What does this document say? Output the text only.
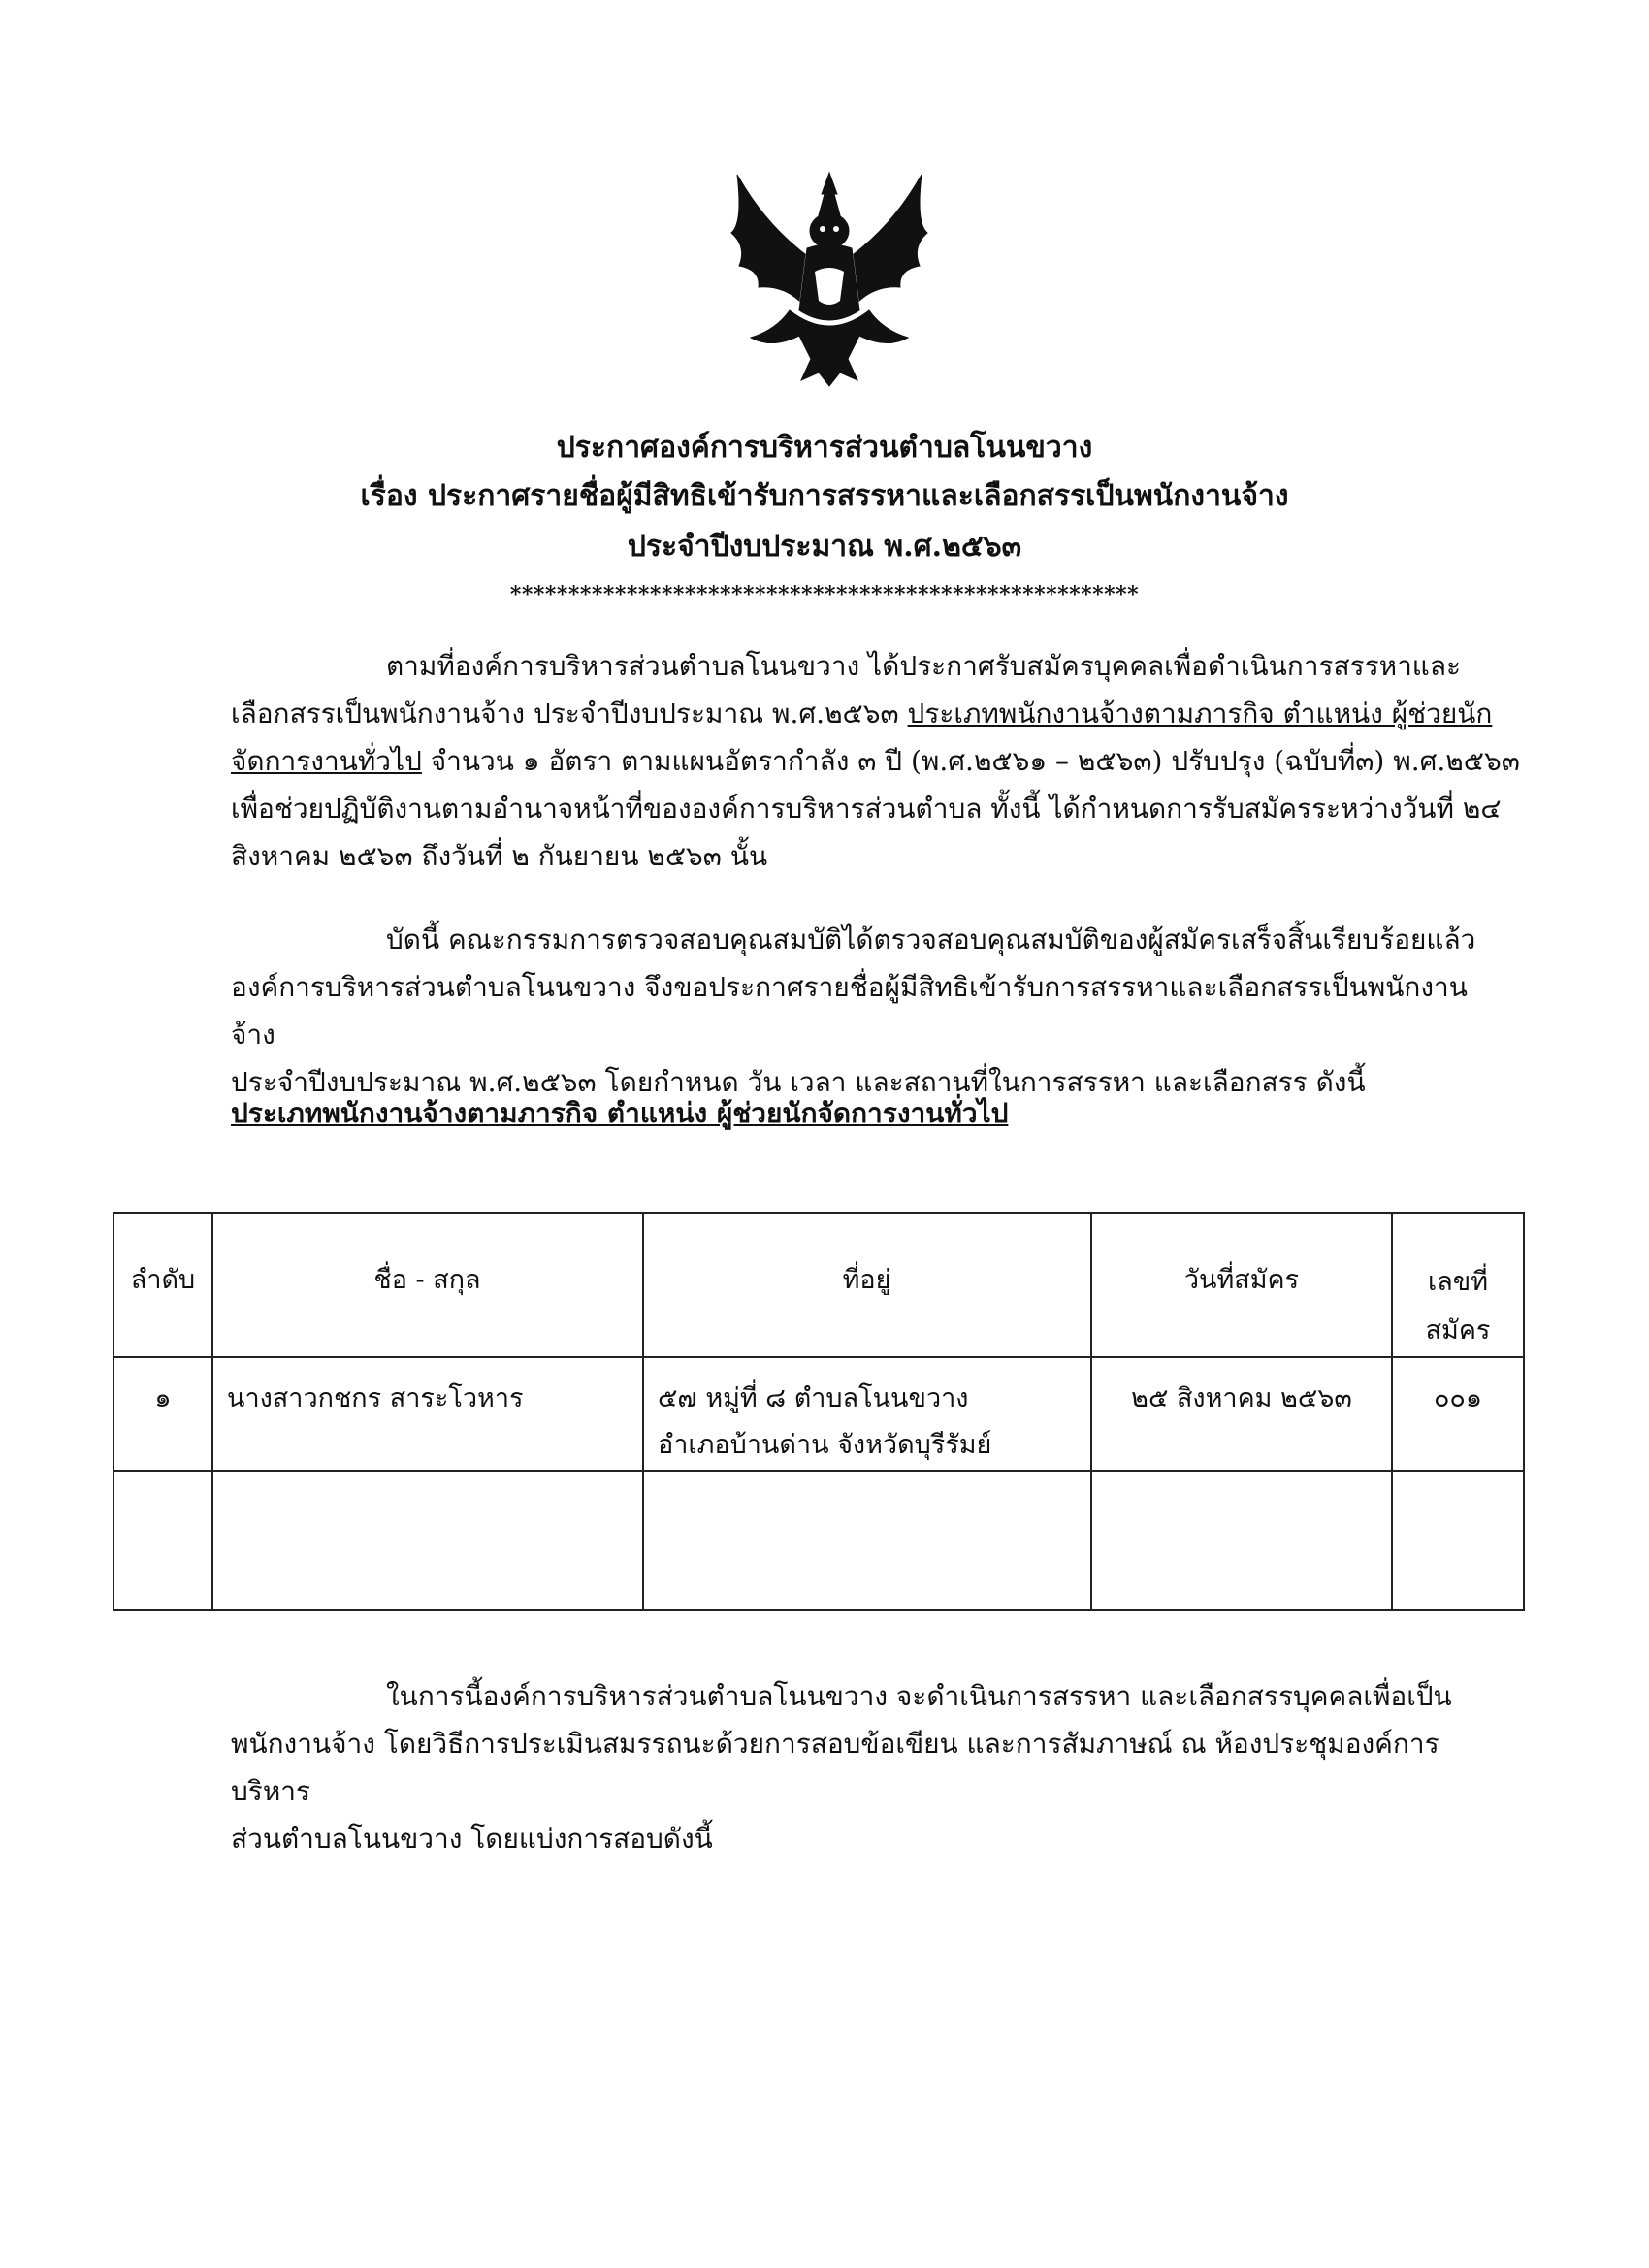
ประกาศองค์การบริหารส่วนตำบลโนนขวาง
เรื่อง ประกาศรายชื่อผู้มีสิทธิเข้ารับการสรรหาและเลือกสรรเป็นพนักงานจ้าง
ประจำปีงบประมาณ พ.ศ.๒๕๖๓
******************************************************
ตามที่องค์การบริหารส่วนตำบลโนนขวาง ได้ประกาศรับสมัครบุคคลเพื่อดำเนินการสรรหาและ
เลือกสรรเป็นพนักงานจ้าง ประจำปีงบประมาณ พ.ศ.๒๕๖๓ ประเภทพนักงานจ้างตามภารกิจ ตำแหน่ง ผู้ช่วยนัก
จัดการงานทั่วไป จำนวน ๑ อัตรา ตามแผนอัตรากำลัง ๓ ปี (พ.ศ.๒๕๖๑ – ๒๕๖๓) ปรับปรุง (ฉบับที่๓) พ.ศ.๒๕๖๓
เพื่อช่วยปฏิบัติงานตามอำนาจหน้าที่ขององค์การบริหารส่วนตำบล ทั้งนี้ ได้กำหนดการรับสมัครระหว่างวันที่ ๒๔
สิงหาคม ๒๕๖๓ ถึงวันที่ ๒ กันยายน ๒๕๖๓ นั้น
บัดนี้ คณะกรรมการตรวจสอบคุณสมบัติได้ตรวจสอบคุณสมบัติของผู้สมัครเสร็จสิ้นเรียบร้อยแล้ว
องค์การบริหารส่วนตำบลโนนขวาง จึงขอประกาศรายชื่อผู้มีสิทธิเข้ารับการสรรหาและเลือกสรรเป็นพนักงานจ้าง
ประจำปีงบประมาณ พ.ศ.๒๕๖๓ โดยกำหนด วัน เวลา และสถานที่ในการสรรหา และเลือกสรร ดังนี้
ประเภทพนักงานจ้างตามภารกิจ ตำแหน่ง ผู้ช่วยนักจัดการงานทั่วไป
ลำดับ	ชื่อ - สกุล	ที่อยู่	วันที่สมัคร	เลขที่
สมัคร

๑	นางสาวกชกร สาระโวหาร	๕๗ หมู่ที่ ๘ ตำบลโนนขวาง
อำเภอบ้านด่าน จังหวัดบุรีรัมย์	๒๕ สิงหาคม ๒๕๖๓	๐๐๑

ในการนี้องค์การบริหารส่วนตำบลโนนขวาง จะดำเนินการสรรหา และเลือกสรรบุคคลเพื่อเป็น
พนักงานจ้าง โดยวิธีการประเมินสมรรถนะด้วยการสอบข้อเขียน และการสัมภาษณ์ ณ ห้องประชุมองค์การบริหาร
ส่วนตำบลโนนขวาง โดยแบ่งการสอบดังนี้
